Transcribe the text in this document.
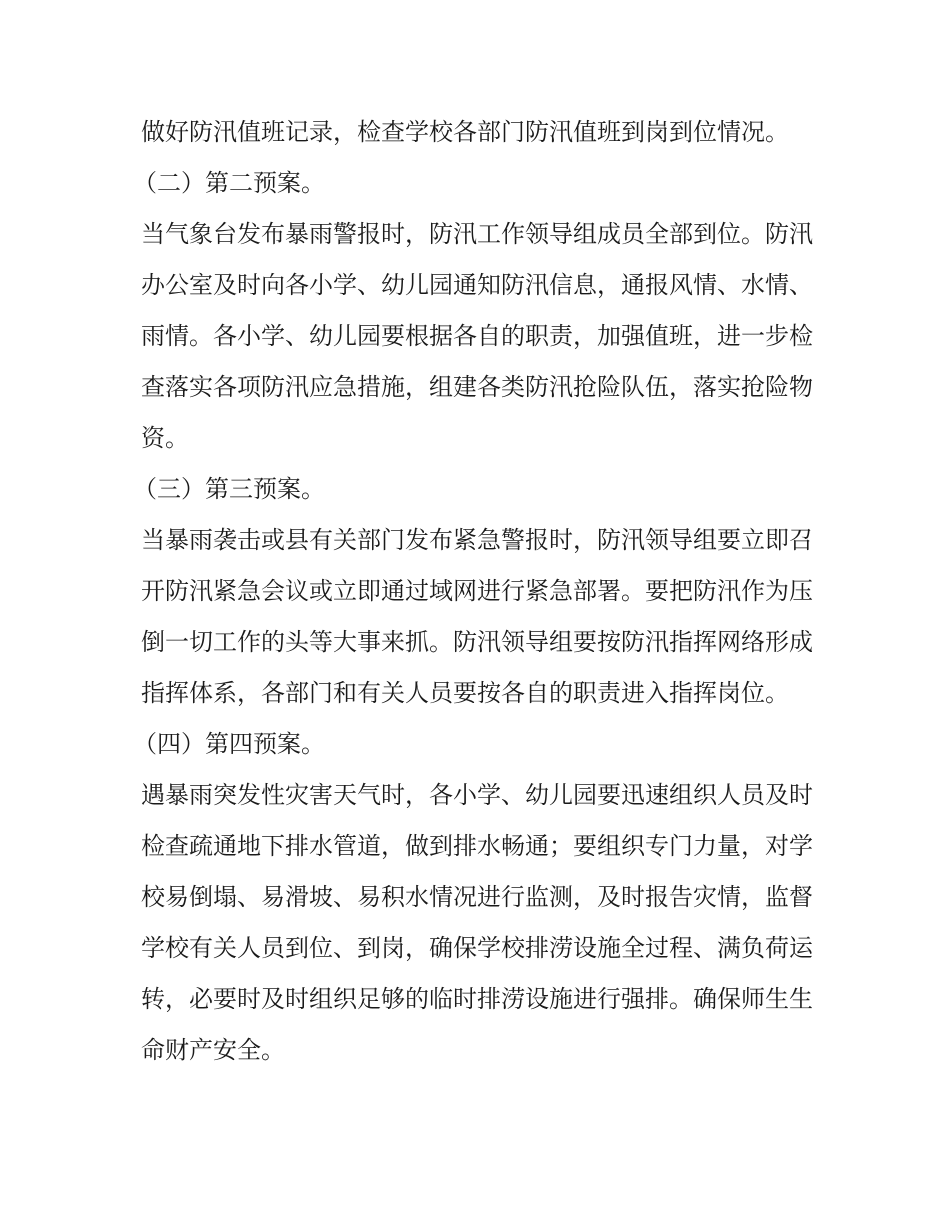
做好防汛值班记录，检查学校各部门防汛值班到岗到位情况。

（二）第二预案。

当气象台发布暴雨警报时，防汛工作领导组成员全部到位。防汛办公室及时向各小学、幼儿园通知防汛信息，通报风情、水情、雨情。各小学、幼儿园要根据各自的职责，加强值班，进一步检查落实各项防汛应急措施，组建各类防汛抢险队伍，落实抢险物资。

（三）第三预案。

当暴雨袭击或县有关部门发布紧急警报时，防汛领导组要立即召开防汛紧急会议或立即通过域网进行紧急部署。要把防汛作为压倒一切工作的头等大事来抓。防汛领导组要按防汛指挥网络形成指挥体系，各部门和有关人员要按各自的职责进入指挥岗位。

（四）第四预案。

遇暴雨突发性灾害天气时，各小学、幼儿园要迅速组织人员及时检查疏通地下排水管道，做到排水畅通；要组织专门力量，对学校易倒塌、易滑坡、易积水情况进行监测，及时报告灾情，监督学校有关人员到位、到岗，确保学校排涝设施全过程、满负荷运转，必要时及时组织足够的临时排涝设施进行强排。确保师生生命财产安全。
